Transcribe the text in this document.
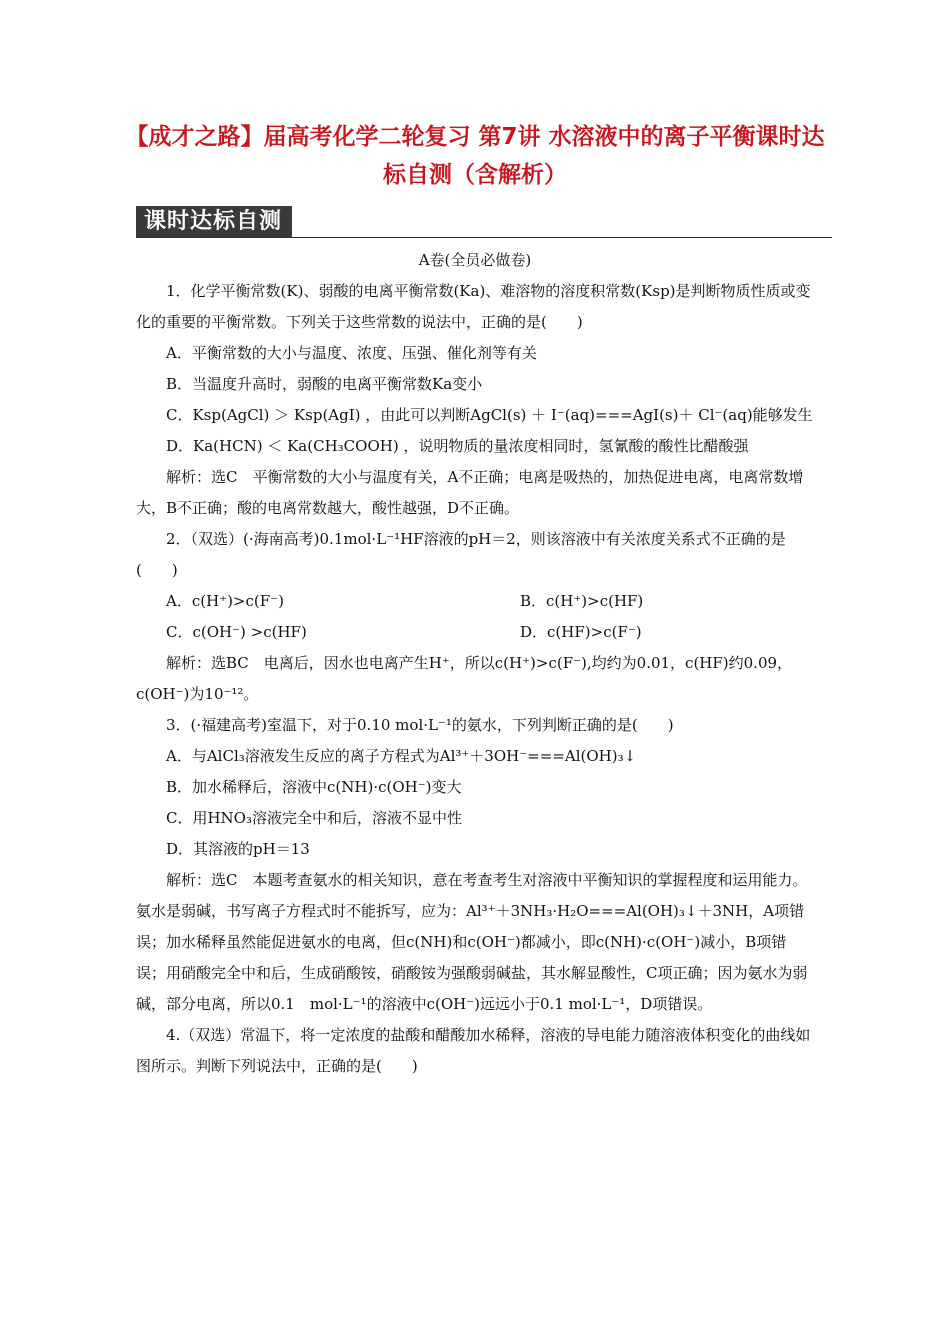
【成才之路】届高考化学二轮复习 第7讲 水溶液中的离子平衡课时达标自测（含解析）
课时达标自测
A卷(全员必做卷)

1．化学平衡常数(K)、弱酸的电离平衡常数(Ka)、难溶物的溶度积常数(Ksp)是判断物质性质或变化的重要的平衡常数。下列关于这些常数的说法中，正确的是(　　)

A．平衡常数的大小与温度、浓度、压强、催化剂等有关

B．当温度升高时，弱酸的电离平衡常数Ka变小

C．Ksp(AgCl) ＞ Ksp(AgI) ，由此可以判断AgCl(s) ＋ I⁻(aq)===AgI(s)＋ Cl⁻(aq)能够发生

D．Ka(HCN) ＜ Ka(CH₃COOH) ，说明物质的量浓度相同时，氢氰酸的酸性比醋酸强

解析：选C　平衡常数的大小与温度有关，A不正确；电离是吸热的，加热促进电离，电离常数增大，B不正确；酸的电离常数越大，酸性越强，D不正确。

2．（双选）(·海南高考)0.1mol·L⁻¹HF溶液的pH＝2，则该溶液中有关浓度关系式不正确的是(　　)

A．c(H⁺)>c(F⁻)	B．c(H⁺)>c(HF)
C．c(OH⁻) >c(HF)	D．c(HF)>c(F⁻)

解析：选BC　电离后，因水也电离产生H⁺，所以c(H⁺)>c(F⁻),均约为0.01，c(HF)约0.09，c(OH⁻)为10⁻¹²。

3．(·福建高考)室温下，对于0.10 mol·L⁻¹的氨水，下列判断正确的是(　　)

A．与AlCl₃溶液发生反应的离子方程式为Al³⁺＋3OH⁻===Al(OH)₃↓

B．加水稀释后，溶液中c(NH)·c(OH⁻)变大

C．用HNO₃溶液完全中和后，溶液不显中性

D．其溶液的pH＝13

解析：选C　本题考查氨水的相关知识，意在考查考生对溶液中平衡知识的掌握程度和运用能力。氨水是弱碱，书写离子方程式时不能拆写，应为：Al³⁺＋3NH₃·H₂O===Al(OH)₃↓＋3NH，A项错误；加水稀释虽然能促进氨水的电离，但c(NH)和c(OH⁻)都减小，即c(NH)·c(OH⁻)减小，B项错误；用硝酸完全中和后，生成硝酸铵，硝酸铵为强酸弱碱盐，其水解显酸性，C项正确；因为氨水为弱碱，部分电离，所以0.1　mol·L⁻¹的溶液中c(OH⁻)远远小于0.1 mol·L⁻¹，D项错误。

4.（双选）常温下，将一定浓度的盐酸和醋酸加水稀释，溶液的导电能力随溶液体积变化的曲线如图所示。判断下列说法中，正确的是(　　)
